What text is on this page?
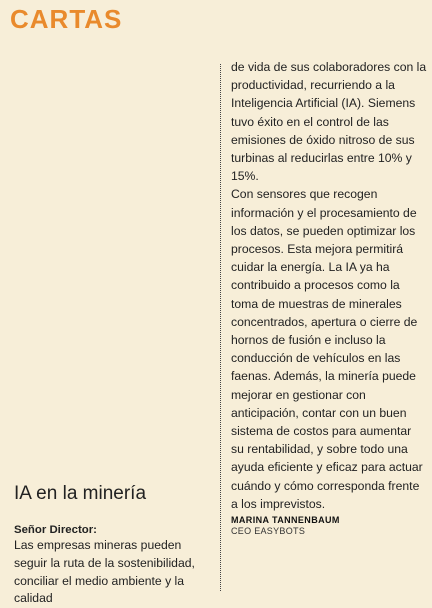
CARTAS
IA en la minería
Señor Director:

Las empresas mineras pueden seguir la ruta de la sostenibilidad, conciliar el medio ambiente y la calidad

de vida de sus colaboradores con la productividad, recurriendo a la Inteligencia Artificial (IA). Siemens tuvo éxito en el control de las emisiones de óxido nitroso de sus turbinas al reducirlas entre 10% y 15%.

Con sensores que recogen información y el procesamiento de los datos, se pueden optimizar los procesos. Esta mejora permitirá cuidar la energía. La IA ya ha contribuido a procesos como la toma de muestras de minerales concentrados, apertura o cierre de hornos de fusión e incluso la conducción de vehículos en las faenas. Además, la minería puede mejorar en gestionar con anticipación, contar con un buen sistema de costos para aumentar su rentabilidad, y sobre todo una ayuda eficiente y eficaz para actuar cuándo y cómo corresponda frente a los imprevistos.

MARINA TANNENBAUM
CEO EASYBOTS
